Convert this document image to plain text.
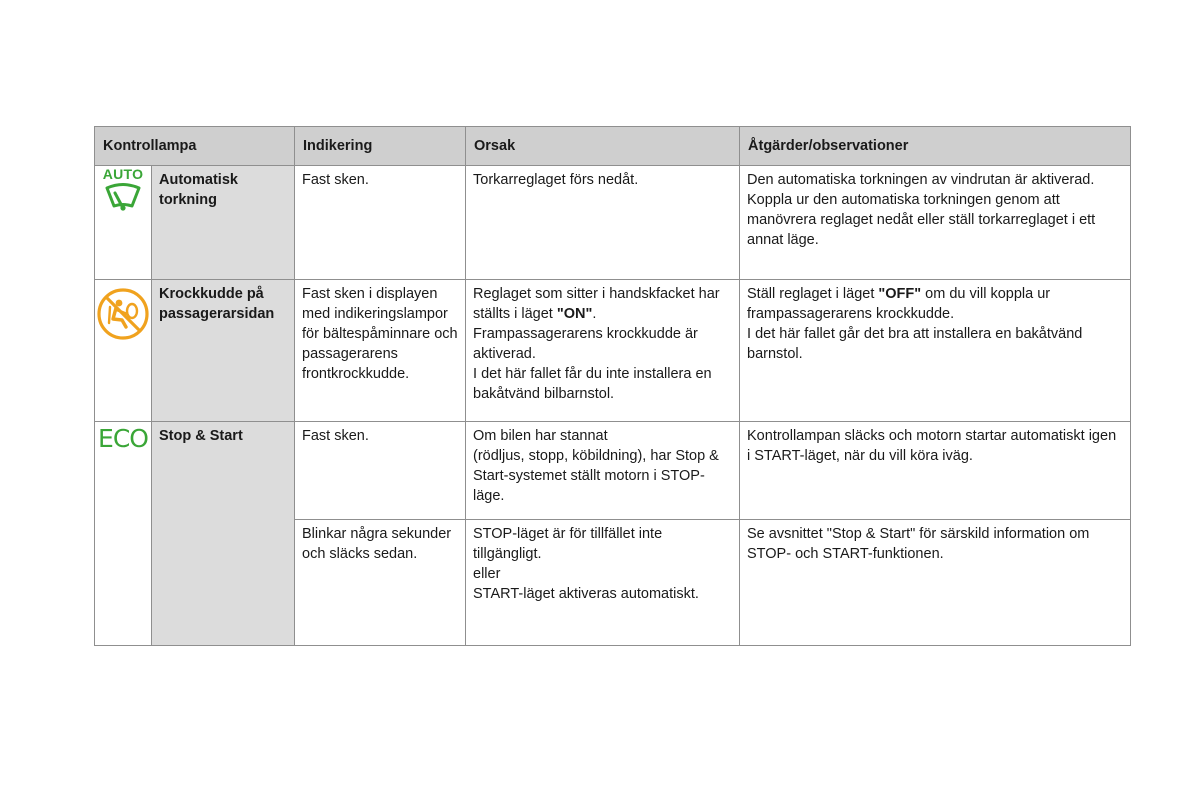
Kontrollampa		Indikering	Orsak	Åtgärder/observationer

AUTO	Automatisk torkning	Fast sken.	Torkarreglaget förs nedåt.	Den automatiska torkningen av vindrutan är aktiverad.
Koppla ur den automatiska torkningen genom att manövrera reglaget nedåt eller ställ torkarreglaget i ett annat läge.

Krockkudde på passagerarsidan	Fast sken i displayen med indikeringslampor för bältespåminnare och passagerarens frontkrockkudde.	Reglaget som sitter i handskfacket har ställts i läget "ON".
Frampassagerarens krockkudde är aktiverad.
I det här fallet får du inte installera en bakåtvänd bilbarnstol.	Ställ reglaget i läget "OFF" om du vill koppla ur frampassagerarens krockkudde.
I det här fallet går det bra att installera en bakåtvänd barnstol.

ECO	Stop & Start	Fast sken.	Om bilen har stannat
(rödljus, stopp, köbildning), har Stop & Start-systemet ställt motorn i STOP-läge.	Kontrollampan släcks och motorn startar automatiskt igen i START-läget, när du vill köra iväg.

		Blinkar några sekunder och släcks sedan.	STOP-läget är för tillfället inte tillgängligt.
eller
START-läget aktiveras automatiskt.	Se avsnittet "Stop & Start" för särskild information om STOP- och START-funktionen.
